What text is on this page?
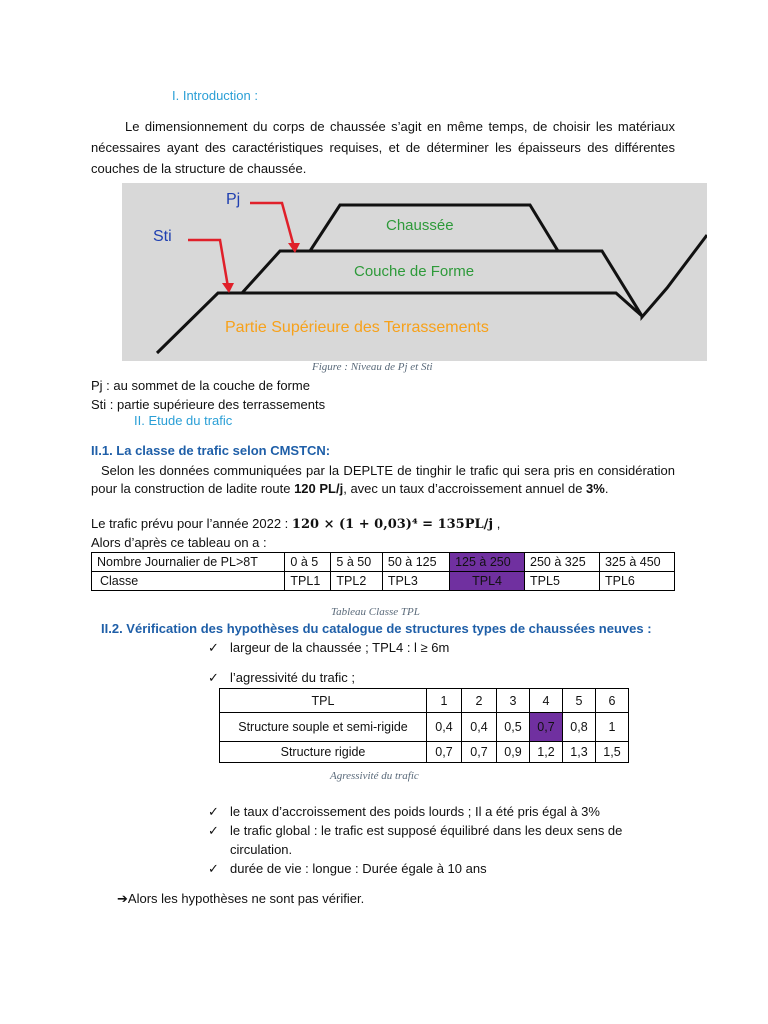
I. Introduction :
Le dimensionnement du corps de chaussée s’agit en même temps, de choisir les matériaux nécessaires ayant des caractéristiques requises, et de déterminer les épaisseurs des différentes couches de la structure de chaussée.
Pj
Sti
Chaussée
Couche de Forme
Partie Supérieure des Terrassements
Figure : Niveau de Pj et Sti
Pj : au sommet de la couche de forme
Sti : partie supérieure des terrassements
II. Etude du trafic
II.1. La classe de trafic selon CMSTCN:
Selon les données communiquées par la DEPLTE de tinghir le trafic qui sera pris en considération pour la construction de ladite route 120 PL/j, avec un taux d’accroissement annuel de 3%.
Le trafic prévu pour l’année 2022 : 120 × (1 + 0,03)⁴ = 135PL/j ,
Alors d’après ce tableau on a :
Nombre Journalier de PL>8T	0 à 5	5 à 50	50 à 125	125 à 250	250 à 325	325 à 450
Classe	TPL1	TPL2	TPL3	TPL4	TPL5	TPL6
Tableau Classe TPL
II.2. Vérification des hypothèses du catalogue de structures types de chaussées neuves :
✓ largeur de la chaussée ; TPL4 : l ≥ 6m
✓ l’agressivité du trafic ;
TPL	1	2	3	4	5	6
Structure souple et semi-rigide	0,4	0,4	0,5	0,7	0,8	1
Structure rigide	0,7	0,7	0,9	1,2	1,3	1,5
Agressivité du trafic
✓ le taux d’accroissement des poids lourds ; Il a été pris égal à 3%
✓ le trafic global : le trafic est supposé équilibré dans les deux sens de
circulation.
✓ durée de vie : longue : Durée égale à 10 ans
➔Alors les hypothèses ne sont pas vérifier.
